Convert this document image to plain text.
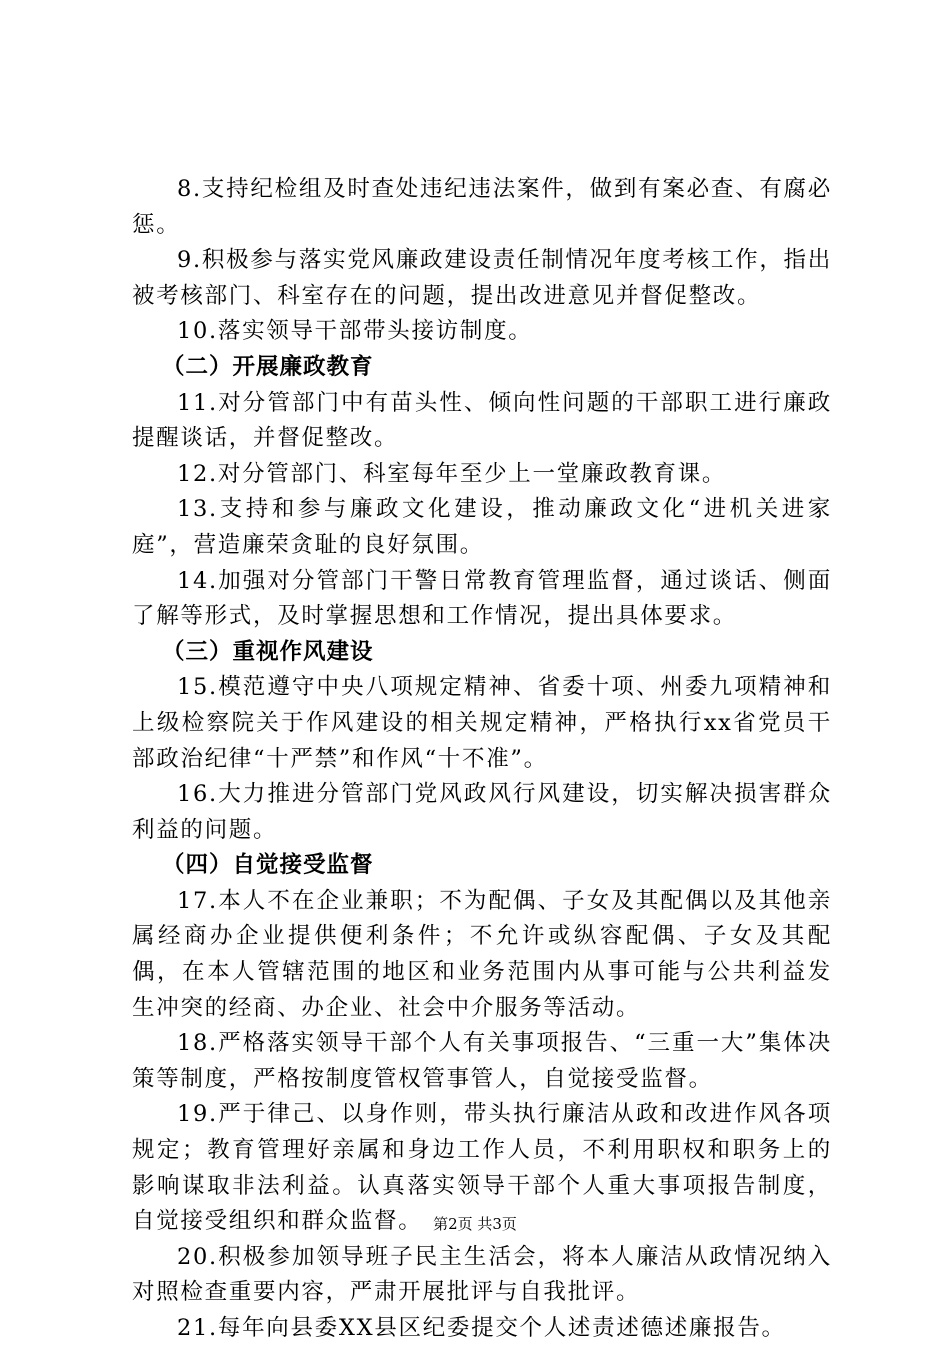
8.支持纪检组及时查处违纪违法案件，做到有案必查、有腐必惩。

9.积极参与落实党风廉政建设责任制情况年度考核工作，指出被考核部门、科室存在的问题，提出改进意见并督促整改。

10.落实领导干部带头接访制度。

（二）开展廉政教育

11.对分管部门中有苗头性、倾向性问题的干部职工进行廉政提醒谈话，并督促整改。

12.对分管部门、科室每年至少上一堂廉政教育课。

13.支持和参与廉政文化建设，推动廉政文化“进机关进家庭”，营造廉荣贪耻的良好氛围。

14.加强对分管部门干警日常教育管理监督，通过谈话、侧面了解等形式，及时掌握思想和工作情况，提出具体要求。

（三）重视作风建设

15.模范遵守中央八项规定精神、省委十项、州委九项精神和上级检察院关于作风建设的相关规定精神，严格执行xx省党员干部政治纪律“十严禁”和作风“十不准”。

16.大力推进分管部门党风政风行风建设，切实解决损害群众利益的问题。

（四）自觉接受监督

17.本人不在企业兼职；不为配偶、子女及其配偶以及其他亲属经商办企业提供便利条件；不允许或纵容配偶、子女及其配偶，在本人管辖范围的地区和业务范围内从事可能与公共利益发生冲突的经商、办企业、社会中介服务等活动。

18.严格落实领导干部个人有关事项报告、“三重一大”集体决策等制度，严格按制度管权管事管人，自觉接受监督。

19.严于律己、以身作则，带头执行廉洁从政和改进作风各项规定；教育管理好亲属和身边工作人员，不利用职权和职务上的影响谋取非法利益。认真落实领导干部个人重大事项报告制度，自觉接受组织和群众监督。

20.积极参加领导班子民主生活会，将本人廉洁从政情况纳入对照检查重要内容，严肃开展批评与自我批评。

21.每年向县委XX县区纪委提交个人述责述德述廉报告。

第2页 共3页
